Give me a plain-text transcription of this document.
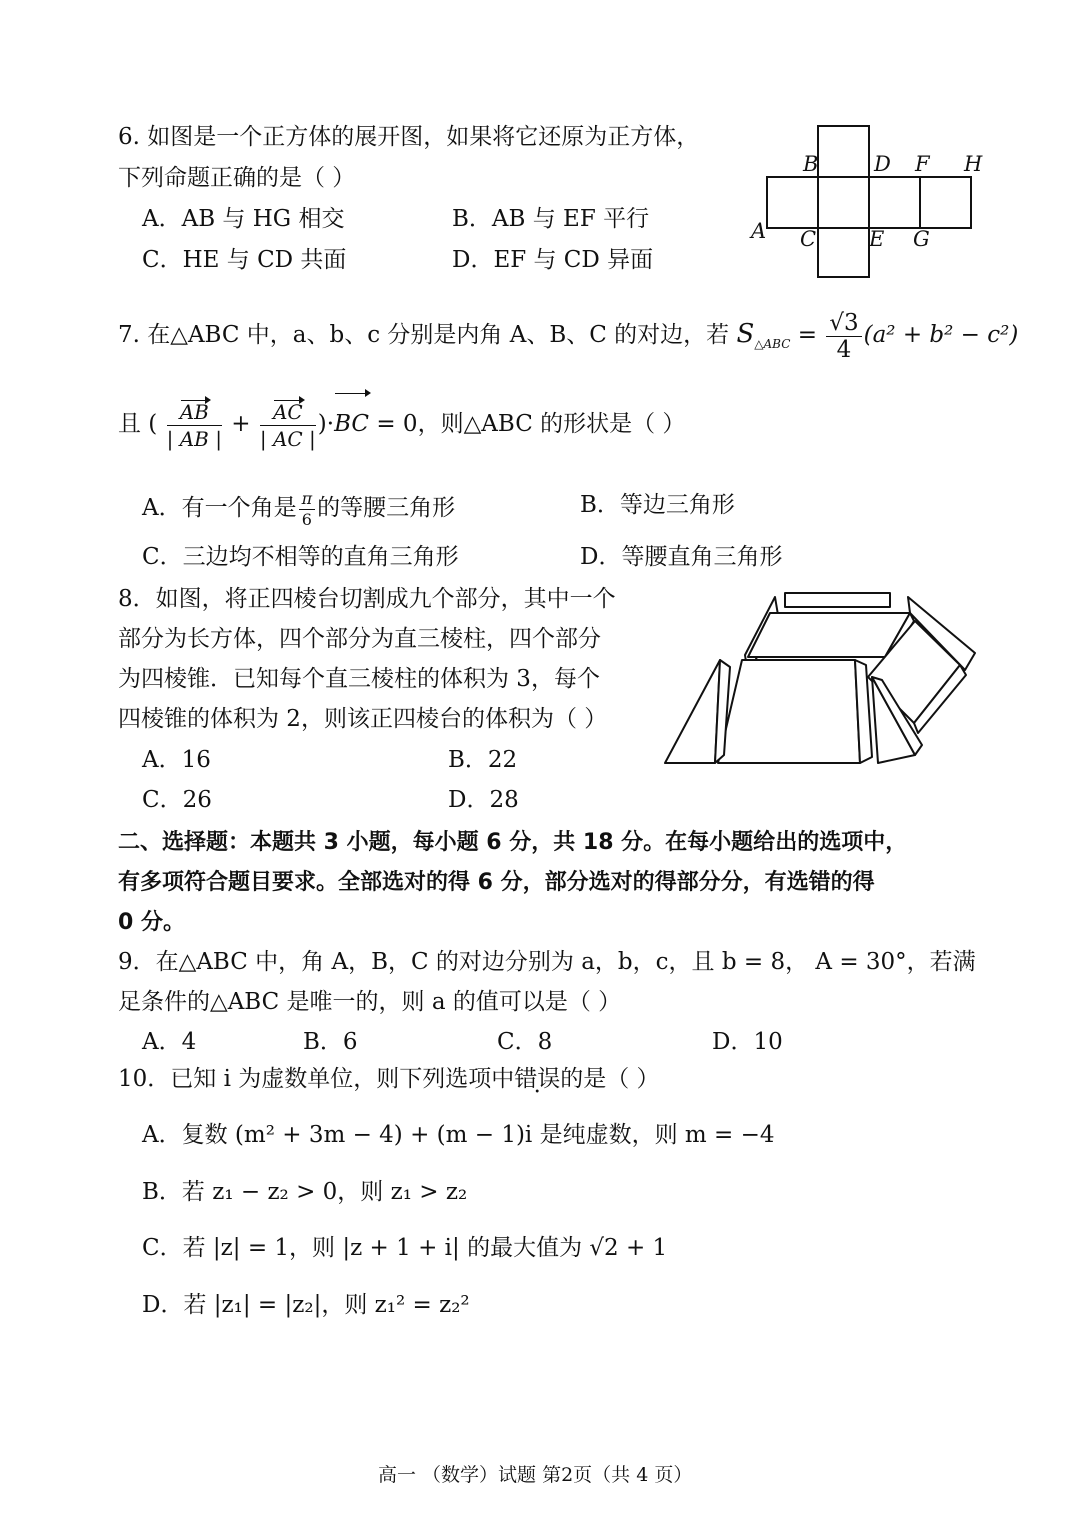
6. 如图是一个正方体的展开图，如果将它还原为正方体，
下列命题正确的是（ ）
A．AB 与 HG 相交	B．AB 与 EF 平行
C．HE 与 CD 共面	D．EF 与 CD 异面
A
B
C
D
E
F
G
H
7. 在△ABC 中，a、b、c 分别是内角 A、B、C 的对边，若 $S_{\triangle ABC} = \frac{√3}{4} (a^2 + b^2 - c^2)$
且 ( $\frac{AB}{| AB |} + \frac{AC}{| AC |} )\cdot BC = 0$，则△ABC 的形状是（ ）
A．有一个角是 $\frac{\pi}{6}$ 的等腰三角形	B．等边三角形
C．三边均不相等的直角三角形	D．等腰直角三角形
8．如图，将正四棱台切割成九个部分，其中一个
部分为长方体，四个部分为直三棱柱，四个部分
为四棱锥．已知每个直三棱柱的体积为 3，每个
四棱锥的体积为 2，则该正四棱台的体积为（ ）
A．16	B．22
C．26	D．28
二、选择题：本题共 3 小题，每小题 6 分，共 18 分。在每小题给出的选项中，
有多项符合题目要求。全部选对的得 6 分，部分选对的得部分分，有选错的得
0 分。
9．在△ABC 中，角 A，B，C 的对边分别为 a，b，c，且 b = 8， A = 30°，若满
足条件的△ABC 是唯一的，则 a 的值可以是（ ）
A．4	B．6	C．8	D．10
10．已知 i 为虚数单位，则下列选项中错误的是（ ）
A．复数 (m² + 3m − 4) + (m − 1)i 是纯虚数，则 m = −4
B．若 z₁ − z₂ > 0，则 z₁ > z₂
C．若 |z| = 1，则 |z + 1 + i| 的最大值为 √2 + 1
D．若 |z₁| = |z₂|，则 z₁² = z₂²
高一 （数学）试题 第2页（共 4 页）
